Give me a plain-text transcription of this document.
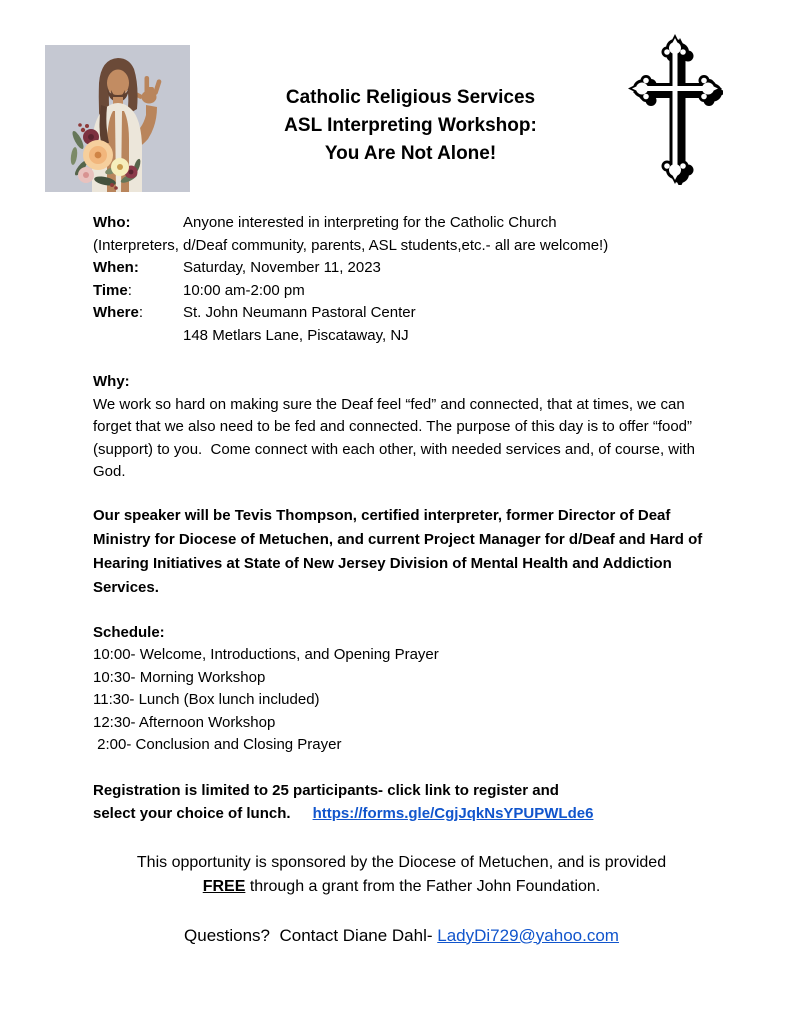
Catholic Religious Services
ASL Interpreting Workshop:
You Are Not Alone!
Who:	Anyone interested in interpreting for the Catholic Church
(Interpreters, d/Deaf community, parents, ASL students,etc.- all are welcome!)
When:	Saturday, November 11, 2023
Time:	10:00 am-2:00 pm
Where:	St. John Neumann Pastoral Center
148 Metlars Lane, Piscataway, NJ
Why:
We work so hard on making sure the Deaf feel “fed” and connected, that at times, we can forget that we also need to be fed and connected. The purpose of this day is to offer “food” (support) to you.  Come connect with each other, with needed services and, of course, with God.
Our speaker will be Tevis Thompson, certified interpreter, former Director of Deaf Ministry for Diocese of Metuchen, and current Project Manager for d/Deaf and Hard of Hearing Initiatives at State of New Jersey Division of Mental Health and Addiction Services.
Schedule:
10:00- Welcome, Introductions, and Opening Prayer
10:30- Morning Workshop
11:30- Lunch (Box lunch included)
12:30- Afternoon Workshop
2:00- Conclusion and Closing Prayer
Registration is limited to 25 participants- click link to register and
select your choice of lunch. https://forms.gle/CgjJqkNsYPUPWLde6
This opportunity is sponsored by the Diocese of Metuchen, and is provided
FREE through a grant from the Father John Foundation.
Questions?  Contact Diane Dahl- LadyDi729@yahoo.com
